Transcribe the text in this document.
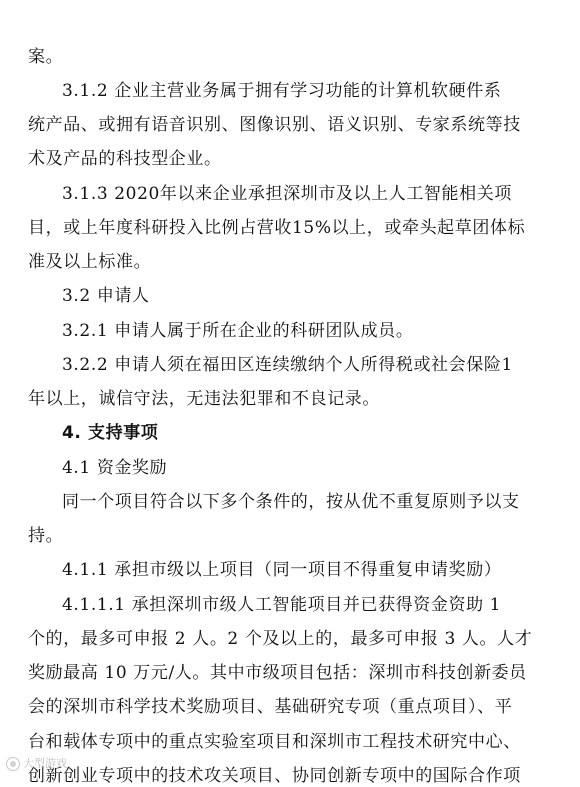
案。
3.1.2 企业主营业务属于拥有学习功能的计算机软硬件系
统产品、或拥有语音识别、图像识别、语义识别、专家系统等技
术及产品的科技型企业。
3.1.3 2020年以来企业承担深圳市及以上人工智能相关项
目，或上年度科研投入比例占营收15%以上，或牵头起草团体标
准及以上标准。
3.2 申请人
3.2.1 申请人属于所在企业的科研团队成员。
3.2.2 申请人须在福田区连续缴纳个人所得税或社会保险1
年以上，诚信守法，无违法犯罪和不良记录。
4. 支持事项
4.1 资金奖励
同一个项目符合以下多个条件的，按从优不重复原则予以支
持。
4.1.1 承担市级以上项目（同一项目不得重复申请奖励）
4.1.1.1 承担深圳市级人工智能项目并已获得资金资助 1
个的，最多可申报 2 人。2 个及以上的，最多可申报 3 人。人才
奖励最高 10 万元/人。其中市级项目包括：深圳市科技创新委员
会的深圳市科学技术奖励项目、基础研究专项（重点项目）、平
台和载体专项中的重点实验室项目和深圳市工程技术研究中心、
创新创业专项中的技术攻关项目、协同创新专项中的国际合作项
大型游戏
